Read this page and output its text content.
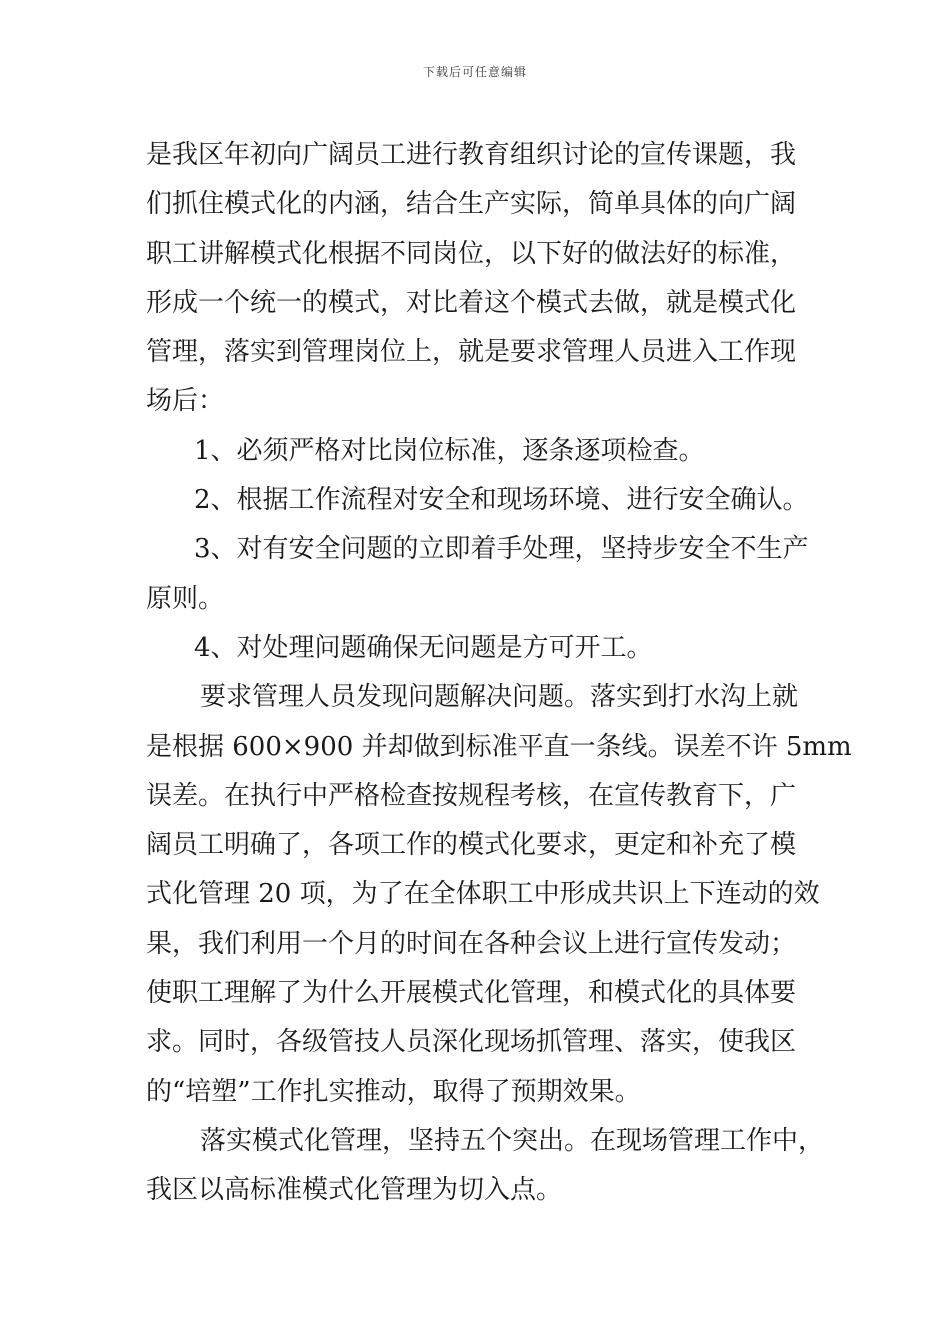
下载后可任意编辑
是我区年初向广阔员工进行教育组织讨论的宣传课题，我
们抓住模式化的内涵，结合生产实际，简单具体的向广阔
职工讲解模式化根据不同岗位，以下好的做法好的标准，
形成一个统一的模式，对比着这个模式去做，就是模式化
管理，落实到管理岗位上，就是要求管理人员进入工作现
场后：
1、必须严格对比岗位标准，逐条逐项检查。
2、根据工作流程对安全和现场环境、进行安全确认。
3、对有安全问题的立即着手处理，坚持步安全不生产
原则。
4、对处理问题确保无问题是方可开工。
要求管理人员发现问题解决问题。落实到打水沟上就
是根据 600×900 并却做到标准平直一条线。误差不许 5mm
误差。在执行中严格检查按规程考核，在宣传教育下，广
阔员工明确了，各项工作的模式化要求，更定和补充了模
式化管理 20 项，为了在全体职工中形成共识上下连动的效
果，我们利用一个月的时间在各种会议上进行宣传发动；
使职工理解了为什么开展模式化管理，和模式化的具体要
求。同时，各级管技人员深化现场抓管理、落实，使我区
的“培塑”工作扎实推动，取得了预期效果。
落实模式化管理，坚持五个突出。在现场管理工作中，
我区以高标准模式化管理为切入点。
